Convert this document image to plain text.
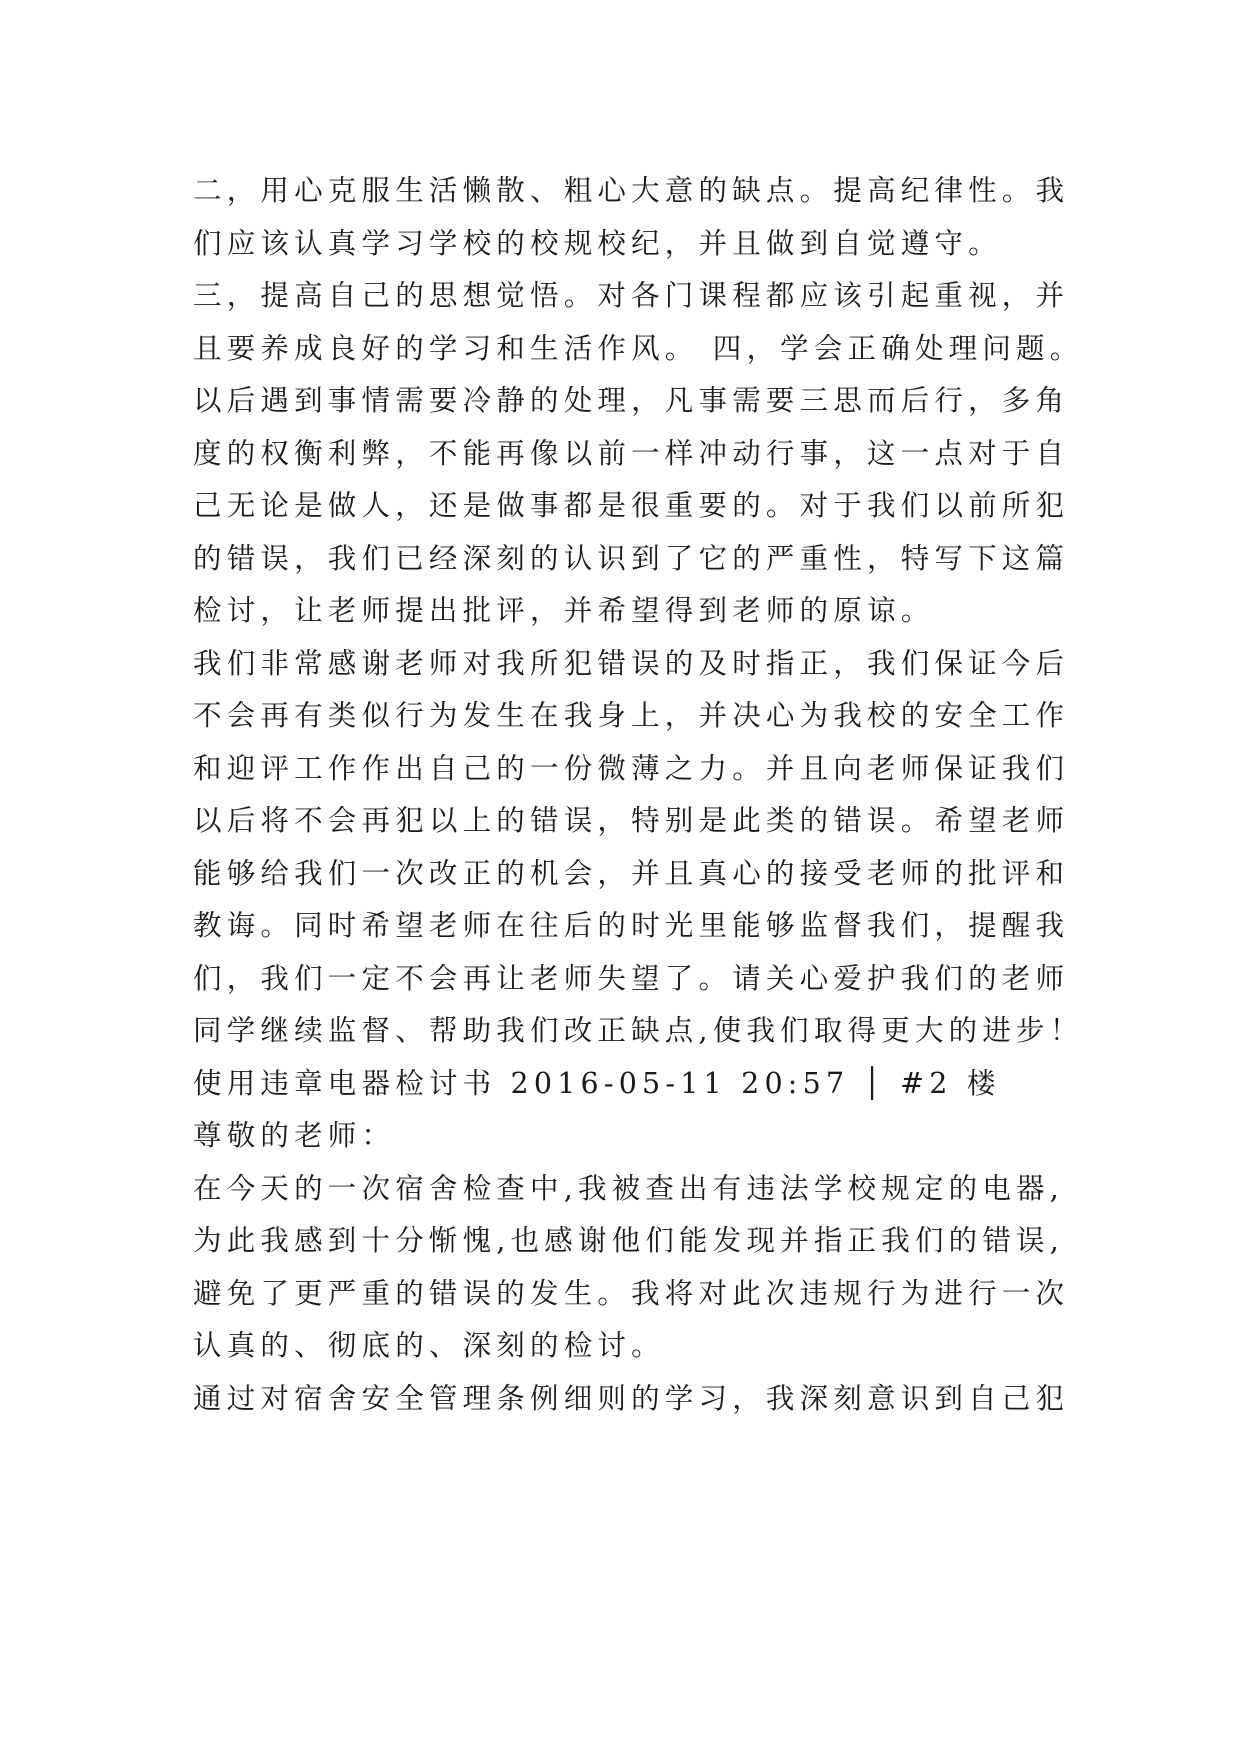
二，用心克服生活懒散、粗心大意的缺点。提高纪律性。我
们应该认真学习学校的校规校纪，并且做到自觉遵守。
三，提高自己的思想觉悟。对各门课程都应该引起重视，并
且要养成良好的学习和生活作风。 四，学会正确处理问题。
以后遇到事情需要冷静的处理，凡事需要三思而后行，多角
度的权衡利弊，不能再像以前一样冲动行事，这一点对于自
己无论是做人，还是做事都是很重要的。对于我们以前所犯
的错误，我们已经深刻的认识到了它的严重性，特写下这篇
检讨，让老师提出批评，并希望得到老师的原谅。
我们非常感谢老师对我所犯错误的及时指正，我们保证今后
不会再有类似行为发生在我身上，并决心为我校的安全工作
和迎评工作作出自己的一份微薄之力。并且向老师保证我们
以后将不会再犯以上的错误，特别是此类的错误。希望老师
能够给我们一次改正的机会，并且真心的接受老师的批评和
教诲。同时希望老师在往后的时光里能够监督我们，提醒我
们，我们一定不会再让老师失望了。请关心爱护我们的老师
同学继续监督、帮助我们改正缺点,使我们取得更大的进步！
使用违章电器检讨书 2016-05-11 20:57 │ #2 楼
尊敬的老师：
在今天的一次宿舍检查中,我被查出有违法学校规定的电器,
为此我感到十分惭愧,也感谢他们能发现并指正我们的错误,
避免了更严重的错误的发生。我将对此次违规行为进行一次
认真的、彻底的、深刻的检讨。
通过对宿舍安全管理条例细则的学习，我深刻意识到自己犯
